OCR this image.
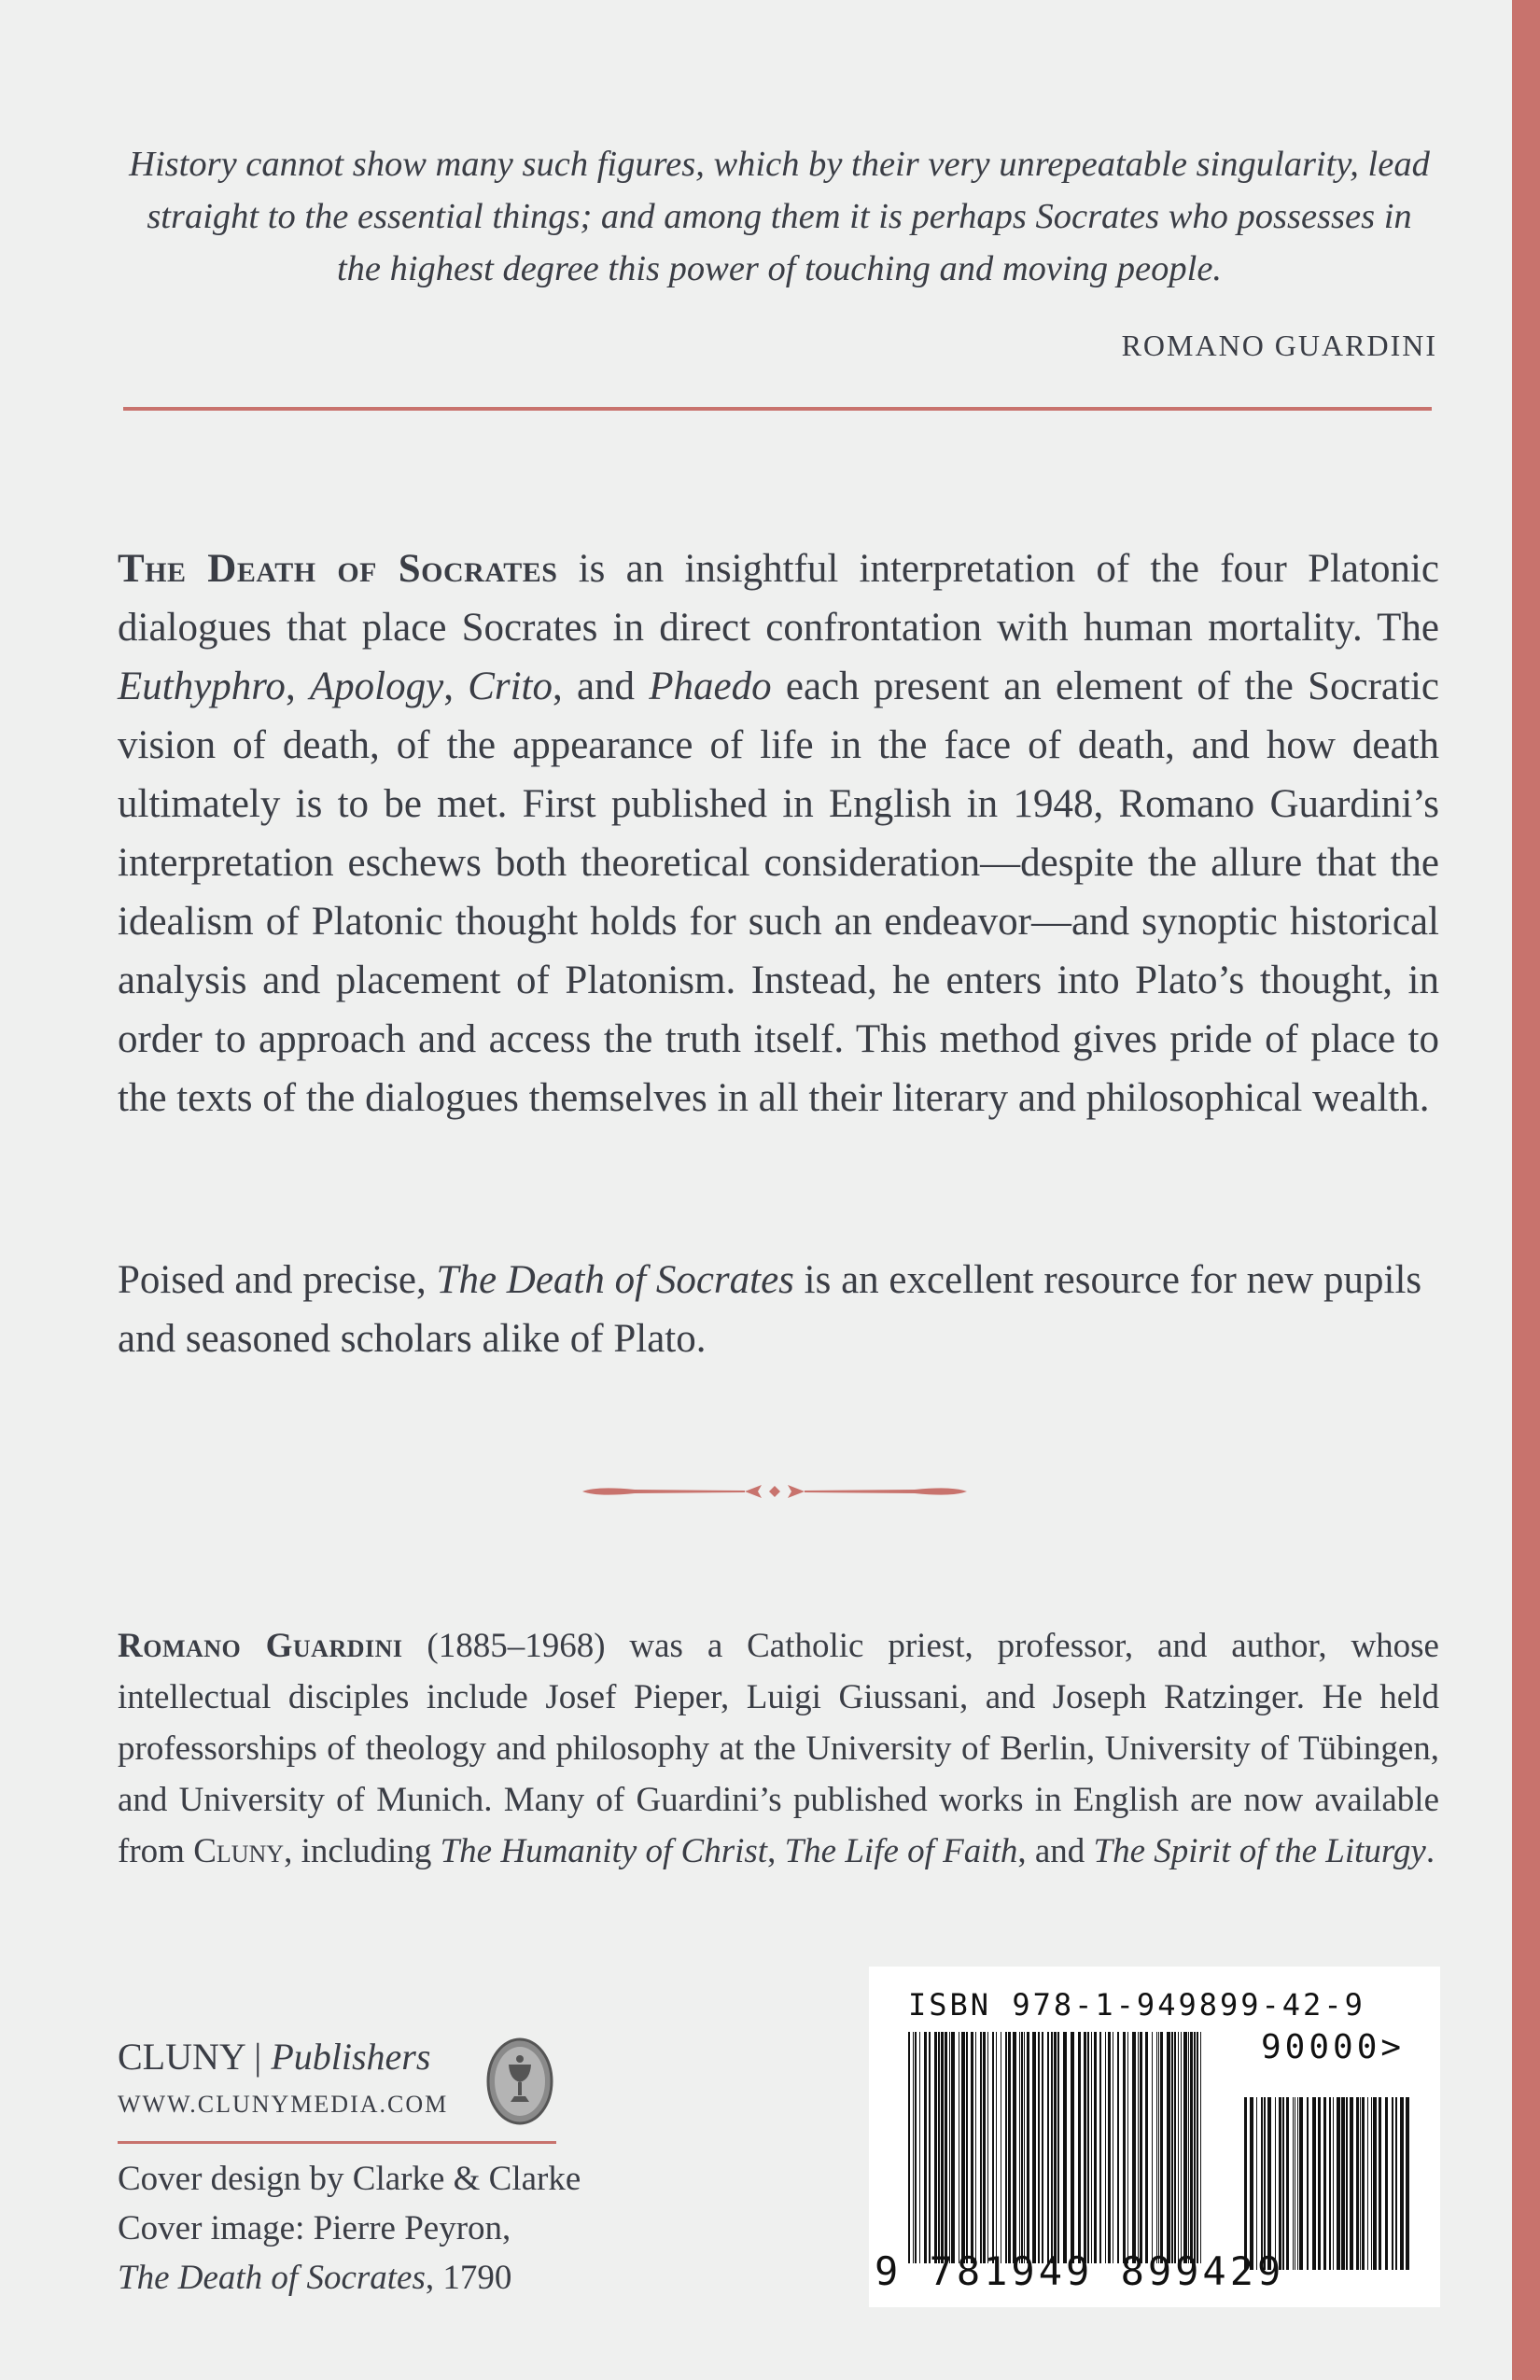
History cannot show many such figures, which by their very unrepeatable singularity, lead straight to the essential things; and among them it is perhaps Socrates who possesses in the highest degree this power of touching and moving people.
ROMANO GUARDINI

The Death of Socrates is an insightful interpretation of the four Platonic dialogues that place Socrates in direct confrontation with human mortality. The Euthyphro, Apology, Crito, and Phaedo each present an element of the Socratic vision of death, of the appearance of life in the face of death, and how death ultimately is to be met. First published in English in 1948, Romano Guardini’s interpretation eschews both theoretical consideration—despite the allure that the idealism of Platonic thought holds for such an endeavor—and synoptic historical analysis and placement of Platonism. Instead, he enters into Plato’s thought, in order to approach and access the truth itself. This method gives pride of place to the texts of the dialogues themselves in all their literary and philosophical wealth.

Poised and precise, The Death of Socrates is an excellent resource for new pupils and seasoned scholars alike of Plato.

Romano Guardini (1885–1968) was a Catholic priest, professor, and author, whose intellectual disciples include Josef Pieper, Luigi Giussani, and Joseph Ratzinger. He held professorships of theology and philosophy at the University of Berlin, University of Tübingen, and University of Munich. Many of Guardini’s published works in English are now available from Cluny, including The Humanity of Christ, The Life of Faith, and The Spirit of the Liturgy.

CLUNY | Publishers
WWW.CLUNYMEDIA.COM
Cover design by Clarke & Clarke
Cover image: Pierre Peyron,
The Death of Socrates, 1790
ISBN 978-1-949899-42-9
90000>
9 781949 899429
